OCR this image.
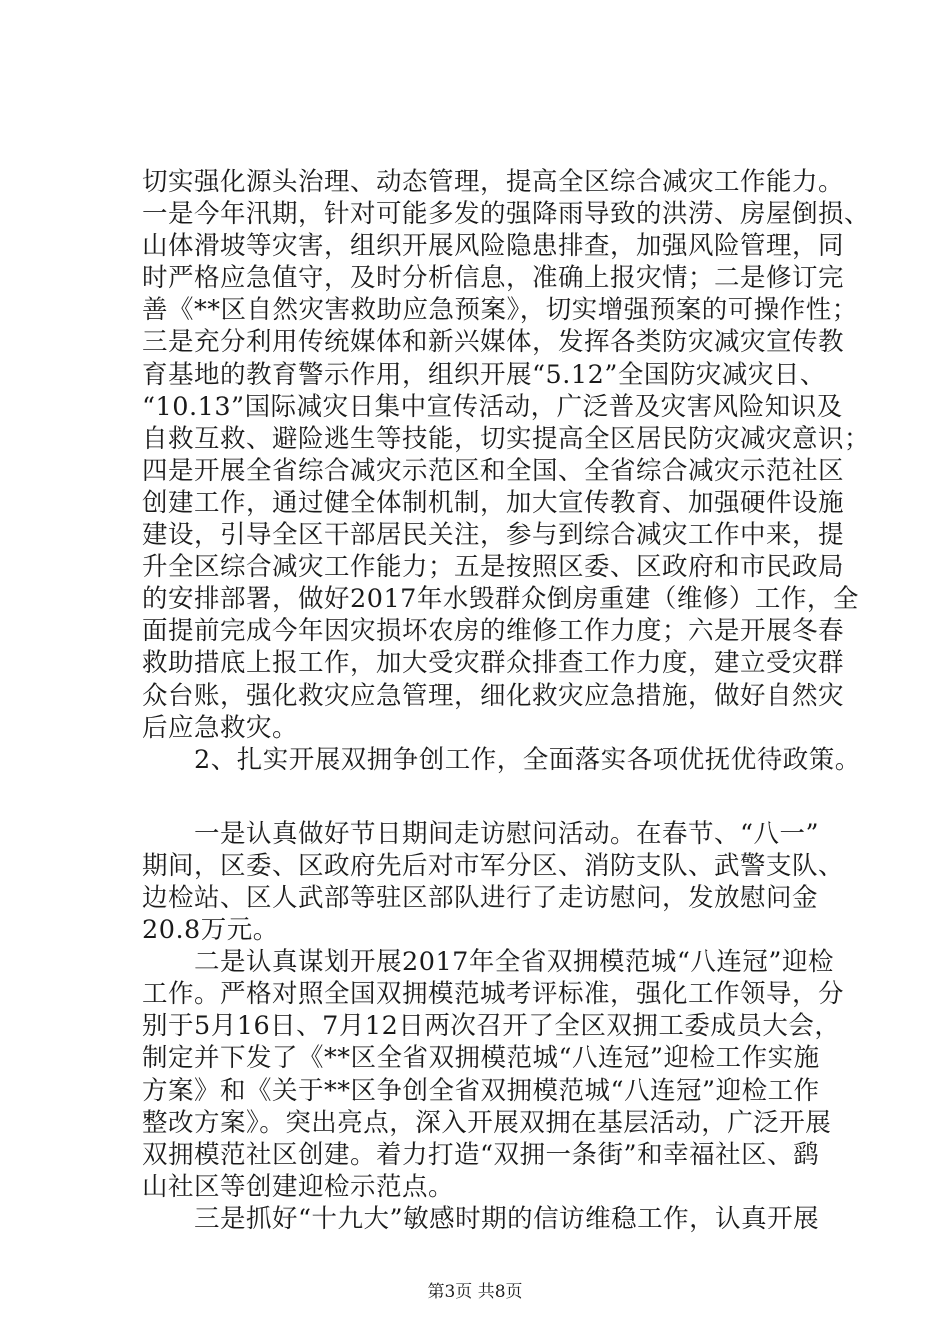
切实强化源头治理、动态管理，提高全区综合减灾工作能力。
一是今年汛期，针对可能多发的强降雨导致的洪涝、房屋倒损、
山体滑坡等灾害，组织开展风险隐患排查，加强风险管理，同
时严格应急值守，及时分析信息，准确上报灾情；二是修订完
善《**区自然灾害救助应急预案》，切实增强预案的可操作性；
三是充分利用传统媒体和新兴媒体，发挥各类防灾减灾宣传教
育基地的教育警示作用，组织开展“5.12”全国防灾减灾日、
“10.13”国际减灾日集中宣传活动，广泛普及灾害风险知识及
自救互救、避险逃生等技能，切实提高全区居民防灾减灾意识；
四是开展全省综合减灾示范区和全国、全省综合减灾示范社区
创建工作，通过健全体制机制，加大宣传教育、加强硬件设施
建设，引导全区干部居民关注，参与到综合减灾工作中来，提
升全区综合减灾工作能力；五是按照区委、区政府和市民政局
的安排部署，做好2017年水毁群众倒房重建（维修）工作，全
面提前完成今年因灾损坏农房的维修工作力度；六是开展冬春
救助措底上报工作，加大受灾群众排查工作力度，建立受灾群
众台账，强化救灾应急管理，细化救灾应急措施，做好自然灾
后应急救灾。
　　2、扎实开展双拥争创工作，全面落实各项优抚优待政策。
　　一是认真做好节日期间走访慰问活动。在春节、“八一”
期间，区委、区政府先后对市军分区、消防支队、武警支队、
边检站、区人武部等驻区部队进行了走访慰问，发放慰问金
20.8万元。
　　二是认真谋划开展2017年全省双拥模范城“八连冠”迎检
工作。严格对照全国双拥模范城考评标准，强化工作领导，分
别于5月16日、7月12日两次召开了全区双拥工委成员大会，
制定并下发了《**区全省双拥模范城“八连冠”迎检工作实施
方案》和《关于**区争创全省双拥模范城“八连冠”迎检工作
整改方案》。突出亮点，深入开展双拥在基层活动，广泛开展
双拥模范社区创建。着力打造“双拥一条街”和幸福社区、鹞
山社区等创建迎检示范点。
　　三是抓好“十九大”敏感时期的信访维稳工作，认真开展
第3页 共8页
